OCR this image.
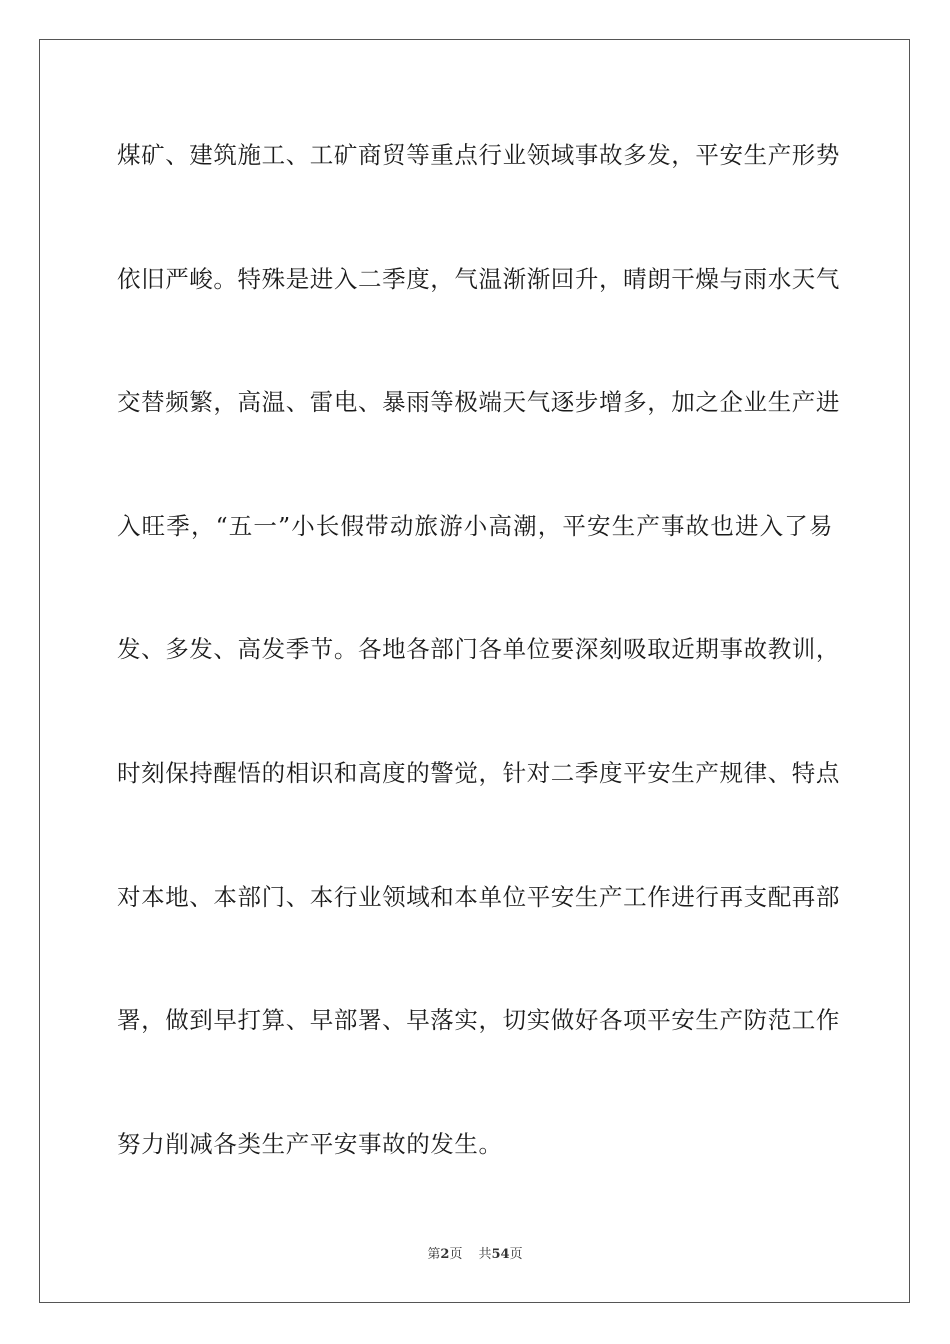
煤矿、建筑施工、工矿商贸等重点行业领域事故多发，平安生产形势
依旧严峻。特殊是进入二季度，气温渐渐回升，晴朗干燥与雨水天气
交替频繁，高温、雷电、暴雨等极端天气逐步增多，加之企业生产进
入旺季，“五一”小长假带动旅游小高潮，平安生产事故也进入了易
发、多发、高发季节。各地各部门各单位要深刻吸取近期事故教训，
时刻保持醒悟的相识和高度的警觉，针对二季度平安生产规律、特点
对本地、本部门、本行业领域和本单位平安生产工作进行再支配再部
署，做到早打算、早部署、早落实，切实做好各项平安生产防范工作
努力削减各类生产平安事故的发生。
第2页 共54页
